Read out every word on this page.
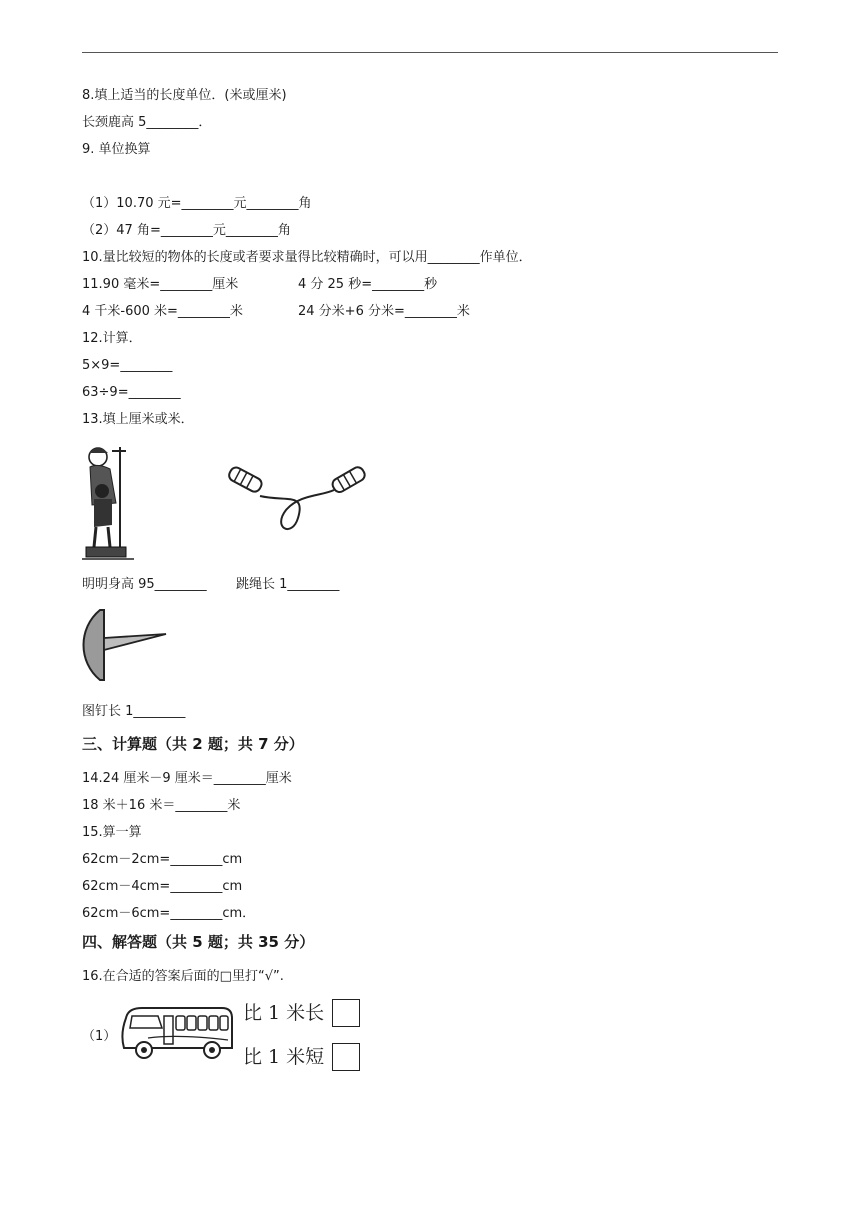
8.填上适当的长度单位．(米或厘米)
长颈鹿高 5________．
9. 单位换算
（1）10.70 元=________元________角
（2）47 角=________元________角
10.量比较短的物体的长度或者要求量得比较精确时，可以用________作单位．
11.90 毫米=________厘米	4 分 25 秒=________秒
4 千米-600 米=________米	24 分米+6 分米=________米
12.计算．
5×9=________
63÷9=________
13.填上厘米或米．
明明身高 95________ 跳绳长 1________
图钉长 1________
三、计算题（共 2 题；共 7 分）
14.24 厘米－9 厘米＝________厘米
18 米＋16 米＝________米
15.算一算
62cm－2cm=________cm
62cm－4cm=________cm
62cm－6cm=________cm．
四、解答题（共 5 题；共 35 分）
16.在合适的答案后面的□里打“√”.
（1）
比 1 米长
比 1 米短
